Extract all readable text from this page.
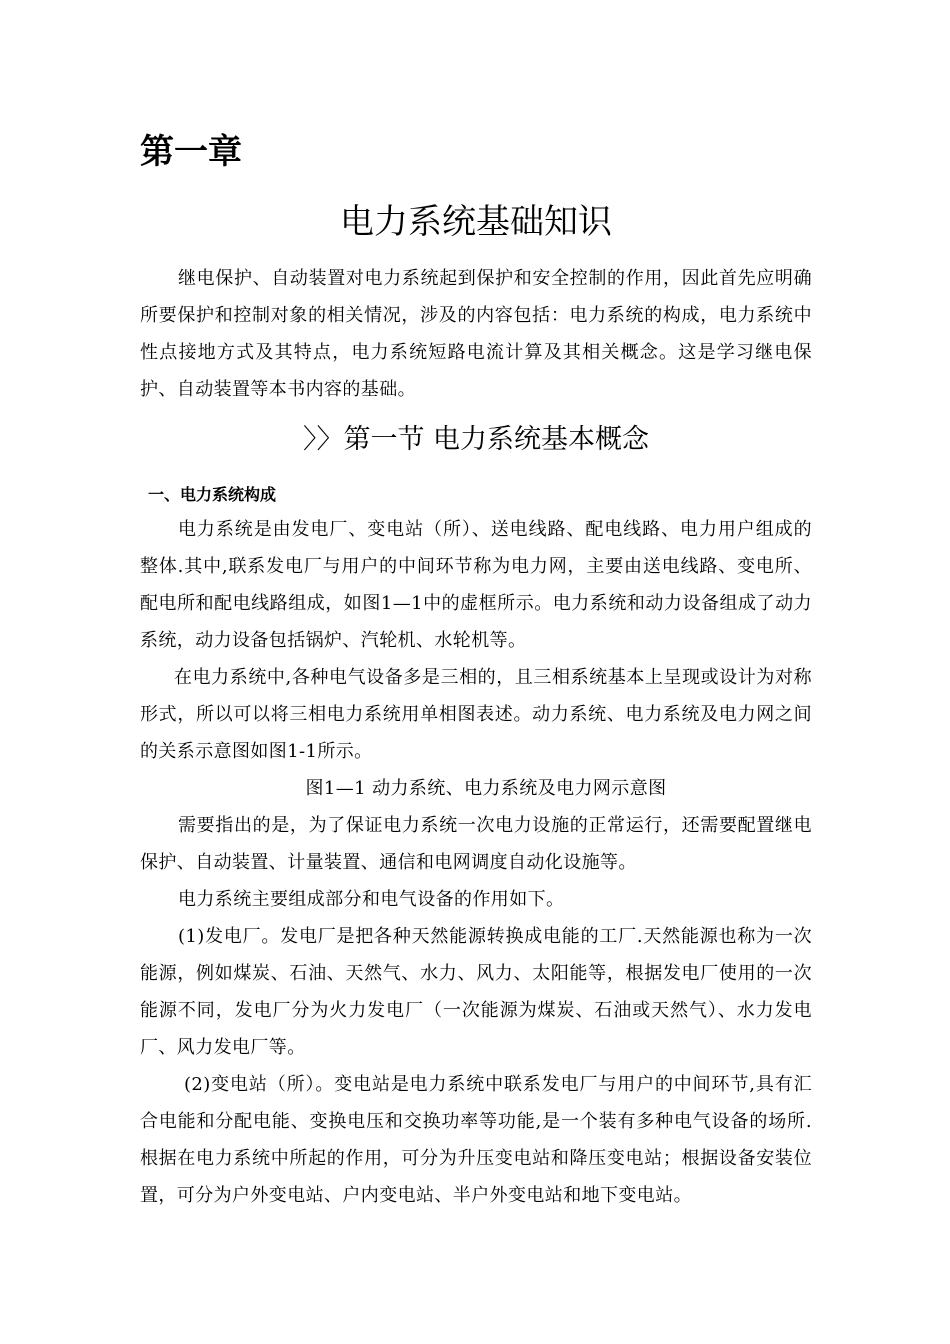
第一章
电力系统基础知识

继电保护、自动装置对电力系统起到保护和安全控制的作用，因此首先应明确所要保护和控制对象的相关情况，涉及的内容包括：电力系统的构成，电力系统中性点接地方式及其特点，电力系统短路电流计算及其相关概念。这是学习继电保护、自动装置等本书内容的基础。

〉〉第一节 电力系统基本概念
一、电力系统构成

电力系统是由发电厂、变电站（所）、送电线路、配电线路、电力用户组成的整体.其中,联系发电厂与用户的中间环节称为电力网，主要由送电线路、变电所、配电所和配电线路组成，如图1—1中的虚框所示。电力系统和动力设备组成了动力系统，动力设备包括锅炉、汽轮机、水轮机等。

在电力系统中,各种电气设备多是三相的，且三相系统基本上呈现或设计为对称形式，所以可以将三相电力系统用单相图表述。动力系统、电力系统及电力网之间的关系示意图如图1-1所示。

图1—1 动力系统、电力系统及电力网示意图

需要指出的是，为了保证电力系统一次电力设施的正常运行，还需要配置继电保护、自动装置、计量装置、通信和电网调度自动化设施等。

电力系统主要组成部分和电气设备的作用如下。

(1)发电厂。发电厂是把各种天然能源转换成电能的工厂.天然能源也称为一次能源，例如煤炭、石油、天然气、水力、风力、太阳能等，根据发电厂使用的一次能源不同，发电厂分为火力发电厂（一次能源为煤炭、石油或天然气）、水力发电厂、风力发电厂等。

(2)变电站（所）。变电站是电力系统中联系发电厂与用户的中间环节,具有汇合电能和分配电能、变换电压和交换功率等功能,是一个装有多种电气设备的场所.根据在电力系统中所起的作用，可分为升压变电站和降压变电站；根据设备安装位置，可分为户外变电站、户内变电站、半户外变电站和地下变电站。
